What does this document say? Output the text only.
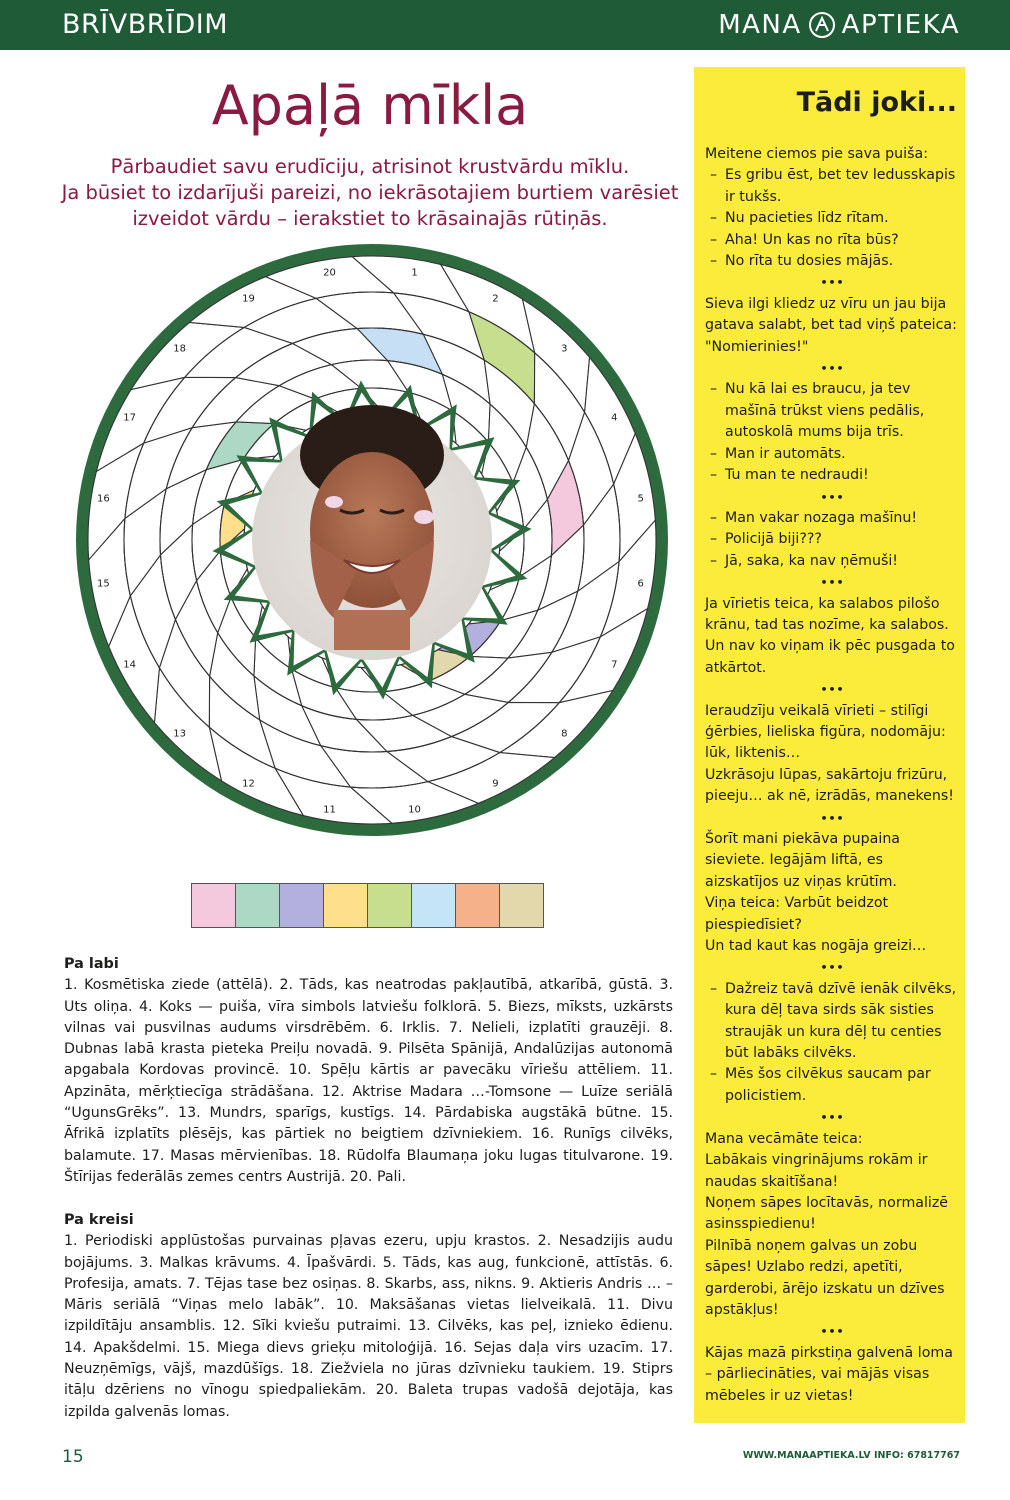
BRĪVBRĪDIM	MANA APTIEKA
Apaļā mīkla
Pārbaudiet savu erudīciju, atrisinot krustvārdu mīklu.
Ja būsiet to izdarījuši pareizi, no iekrāsotajiem burtiem varēsiet
izveidot vārdu – ierakstiet to krāsainajās rūtiņās.
1
2
3
4
5
6
7
8
9
10
11
12
13
14
15
16
17
18
19
20
Pa labi

1. Kosmētiska ziede (attēlā). 2. Tāds, kas neatrodas pakļautībā, atkarībā, gūstā. 3. Uts oliņa. 4. Koks — puiša, vīra simbols latviešu folklorā. 5. Biezs, mīksts, uzkārsts vilnas vai pusvilnas audums virsdrēbēm. 6. Irklis. 7. Nelieli, izplatīti grauzēji. 8. Dubnas labā krasta pieteka Preiļu novadā. 9. Pilsēta Spānijā, Andalūzijas autonomā apgabala Kordovas provincē. 10. Spēļu kārtis ar pavecāku vīriešu attēliem. 11. Apzināta, mērķtiecīga strādāšana. 12. Aktrise Madara …-Tomsone — Luīze seriālā “UgunsGrēks”. 13. Mundrs, sparīgs, kustīgs. 14. Pārdabiska augstākā būtne. 15. Āfrikā izplatīts plēsējs, kas pārtiek no beigtiem dzīvniekiem. 16. Runīgs cilvēks, balamute. 17. Masas mērvienības. 18. Rūdolfa Blaumaņa joku lugas titulvarone. 19. Štīrijas federālās zemes centrs Austrijā. 20. Pali.

Pa kreisi

1. Periodiski applūstošas purvainas pļavas ezeru, upju krastos. 2. Nesadzijis audu bojājums. 3. Malkas krāvums. 4. Īpašvārdi. 5. Tāds, kas aug, funkcionē, attīstās. 6. Profesija, amats. 7. Tējas tase bez osiņas. 8. Skarbs, ass, nikns. 9. Aktieris Andris … – Māris seriālā “Viņas melo labāk”. 10. Maksāšanas vietas lielveikalā. 11. Divu izpildītāju ansamblis. 12. Sīki kviešu putraimi. 13. Cilvēks, kas peļ, iznieko ēdienu. 14. Apakšdelmi. 15. Miega dievs grieķu mitoloģijā. 16. Sejas daļa virs uzacīm. 17. Neuzņēmīgs, vājš, mazdūšīgs. 18. Ziežviela no jūras dzīvnieku taukiem. 19. Stiprs itāļu dzēriens no vīnogu spiedpaliekām. 20. Baleta trupas vadošā dejotāja, kas izpilda galvenās lomas.

Tādi joki...
Meitene ciemos pie sava puiša:
– Es gribu ēst, bet tev ledusskapis ir tukšs.
– Nu pacieties līdz rītam.
– Aha! Un kas no rīta būs?
– No rīta tu dosies mājās.
•••
Sieva ilgi kliedz uz vīru un jau bija gatava salabt, bet tad viņš pateica: "Nomierinies!"
•••
– Nu kā lai es braucu, ja tev mašīnā trūkst viens pedālis, autoskolā mums bija trīs.
– Man ir automāts.
– Tu man te nedraudi!
•••
– Man vakar nozaga mašīnu!
– Policijā biji???
– Jā, saka, ka nav ņēmuši!
•••
Ja vīrietis teica, ka salabos pilošo krānu, tad tas nozīme, ka salabos. Un nav ko viņam ik pēc pusgada to atkārtot.
•••
Ieraudzīju veikalā vīrieti – stilīgi ģērbies, lieliska figūra, nodomāju: lūk, liktenis…
Uzkrāsoju lūpas, sakārtoju frizūru, pieeju… ak nē, izrādās, manekens!
•••
Šorīt mani piekāva pupaina sieviete. Iegājām liftā, es aizskatījos uz viņas krūtīm.
Viņa teica: Varbūt beidzot piespiedīsiet?
Un tad kaut kas nogāja greizi…
•••
– Dažreiz tavā dzīvē ienāk cilvēks, kura dēļ tava sirds sāk sisties straujāk un kura dēļ tu centies būt labāks cilvēks.
– Mēs šos cilvēkus saucam par policistiem.
•••
Mana vecāmāte teica:
Labākais vingrinājums rokām ir naudas skaitīšana!
Noņem sāpes locītavās, normalizē asinsspiedienu!
Pilnībā noņem galvas un zobu sāpes! Uzlabo redzi, apetīti, garderobi, ārējo izskatu un dzīves apstākļus!
•••
Kājas mazā pirkstiņa galvenā loma – pārliecināties, vai mājās visas mēbeles ir uz vietas!
15	WWW.MANAAPTIEKA.LV INFO: 67817767
